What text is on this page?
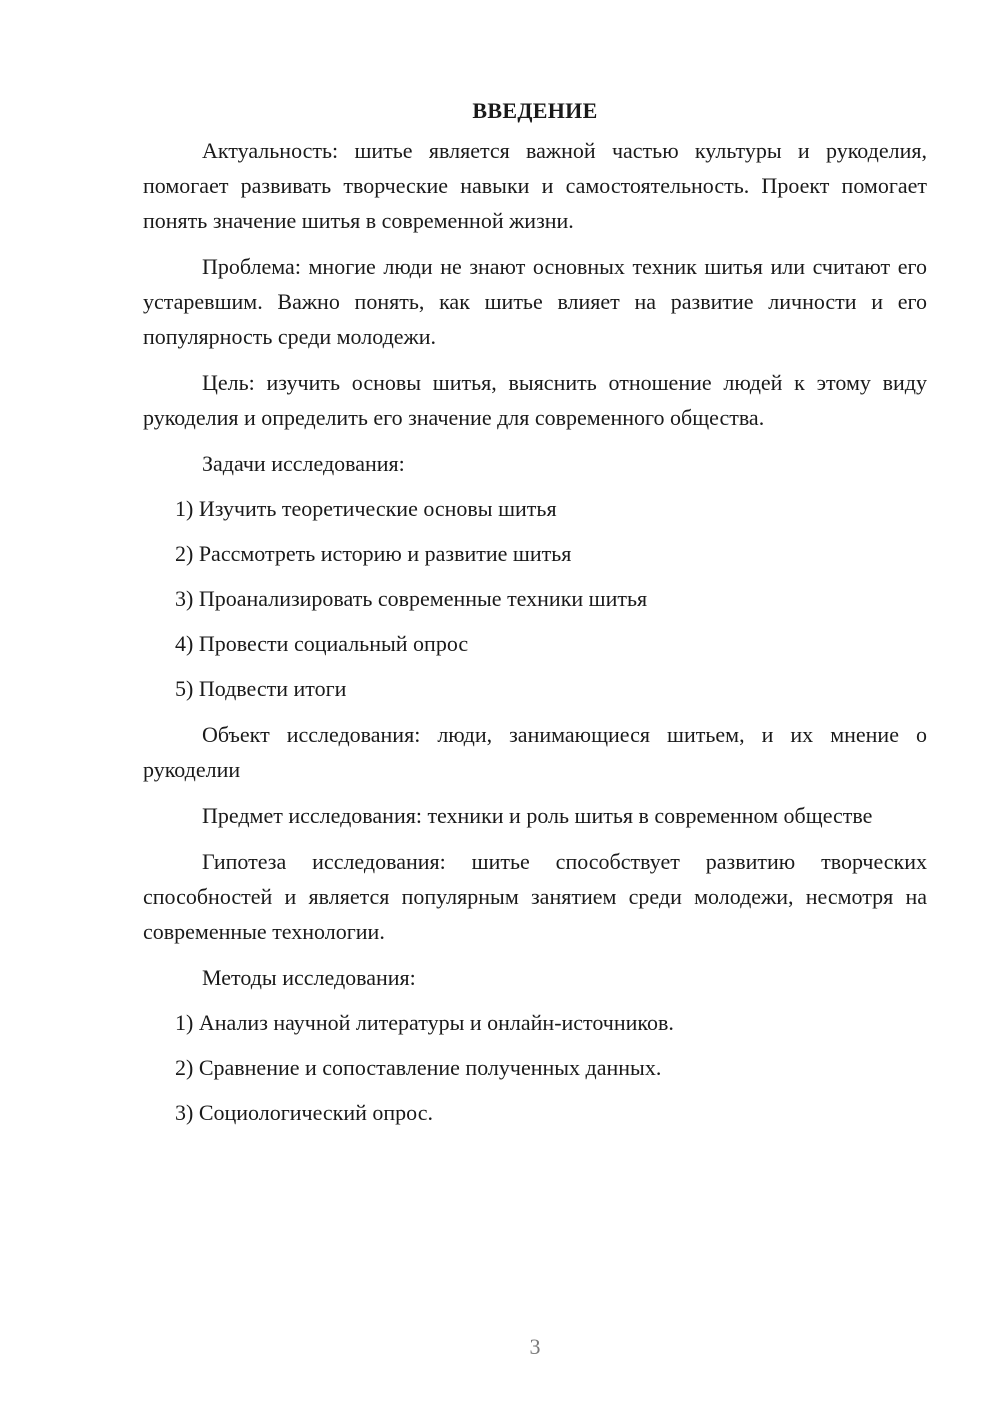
ВВЕДЕНИЕ

Актуальность: шитье является важной частью культуры и рукоделия, помогает развивать творческие навыки и самостоятельность. Проект помогает понять значение шитья в современной жизни.

Проблема: многие люди не знают основных техник шитья или считают его устаревшим. Важно понять, как шитье влияет на развитие личности и его популярность среди молодежи.

Цель: изучить основы шитья, выяснить отношение людей к этому виду рукоделия и определить его значение для современного общества.

Задачи исследования:

1) Изучить теоретические основы шитья
2) Рассмотреть историю и развитие шитья
3) Проанализировать современные техники шитья
4) Провести социальный опрос
5) Подвести итоги

Объект исследования: люди, занимающиеся шитьем, и их мнение о рукоделии

Предмет исследования: техники и роль шитья в современном обществе

Гипотеза исследования: шитье способствует развитию творческих способностей и является популярным занятием среди молодежи, несмотря на современные технологии.

Методы исследования:

1) Анализ научной литературы и онлайн-источников.
2) Сравнение и сопоставление полученных данных.
3) Социологический опрос.
3
